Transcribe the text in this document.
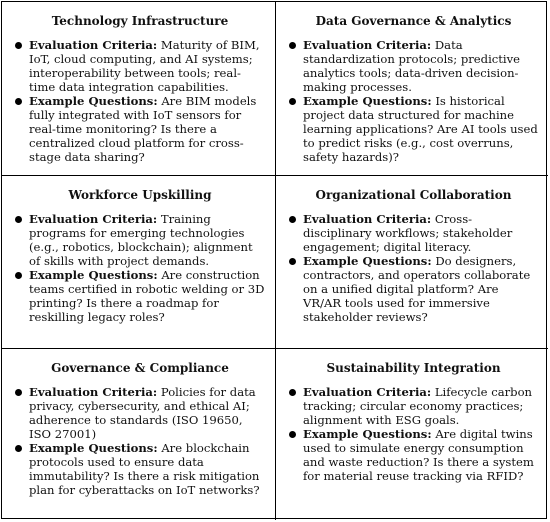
Technology Infrastructure
Evaluation Criteria: Maturity of BIM, IoT, cloud computing, and AI systems; interoperability between tools; real-time data integration capabilities.
Example Questions: Are BIM models fully integrated with IoT sensors for real-time monitoring? Is there a centralized cloud platform for cross-stage data sharing?
Data Governance & Analytics
Evaluation Criteria: Data standardization protocols; predictive analytics tools; data-driven decision-making processes.
Example Questions: Is historical project data structured for machine learning applications? Are AI tools used to predict risks (e.g., cost overruns, safety hazards)?
Workforce Upskilling
Evaluation Criteria: Training programs for emerging technologies (e.g., robotics, blockchain); alignment of skills with project demands.
Example Questions: Are construction teams certified in robotic welding or 3D printing? Is there a roadmap for reskilling legacy roles?
Organizational Collaboration
Evaluation Criteria: Cross-disciplinary workflows; stakeholder engagement; digital literacy.
Example Questions: Do designers, contractors, and operators collaborate on a unified digital platform? Are VR/AR tools used for immersive stakeholder reviews?
Governance & Compliance
Evaluation Criteria: Policies for data privacy, cybersecurity, and ethical AI; adherence to standards (ISO 19650, ISO 27001)
Example Questions: Are blockchain protocols used to ensure data immutability? Is there a risk mitigation plan for cyberattacks on IoT networks?
Sustainability Integration
Evaluation Criteria: Lifecycle carbon tracking; circular economy practices; alignment with ESG goals.
Example Questions: Are digital twins used to simulate energy consumption and waste reduction? Is there a system for material reuse tracking via RFID?
